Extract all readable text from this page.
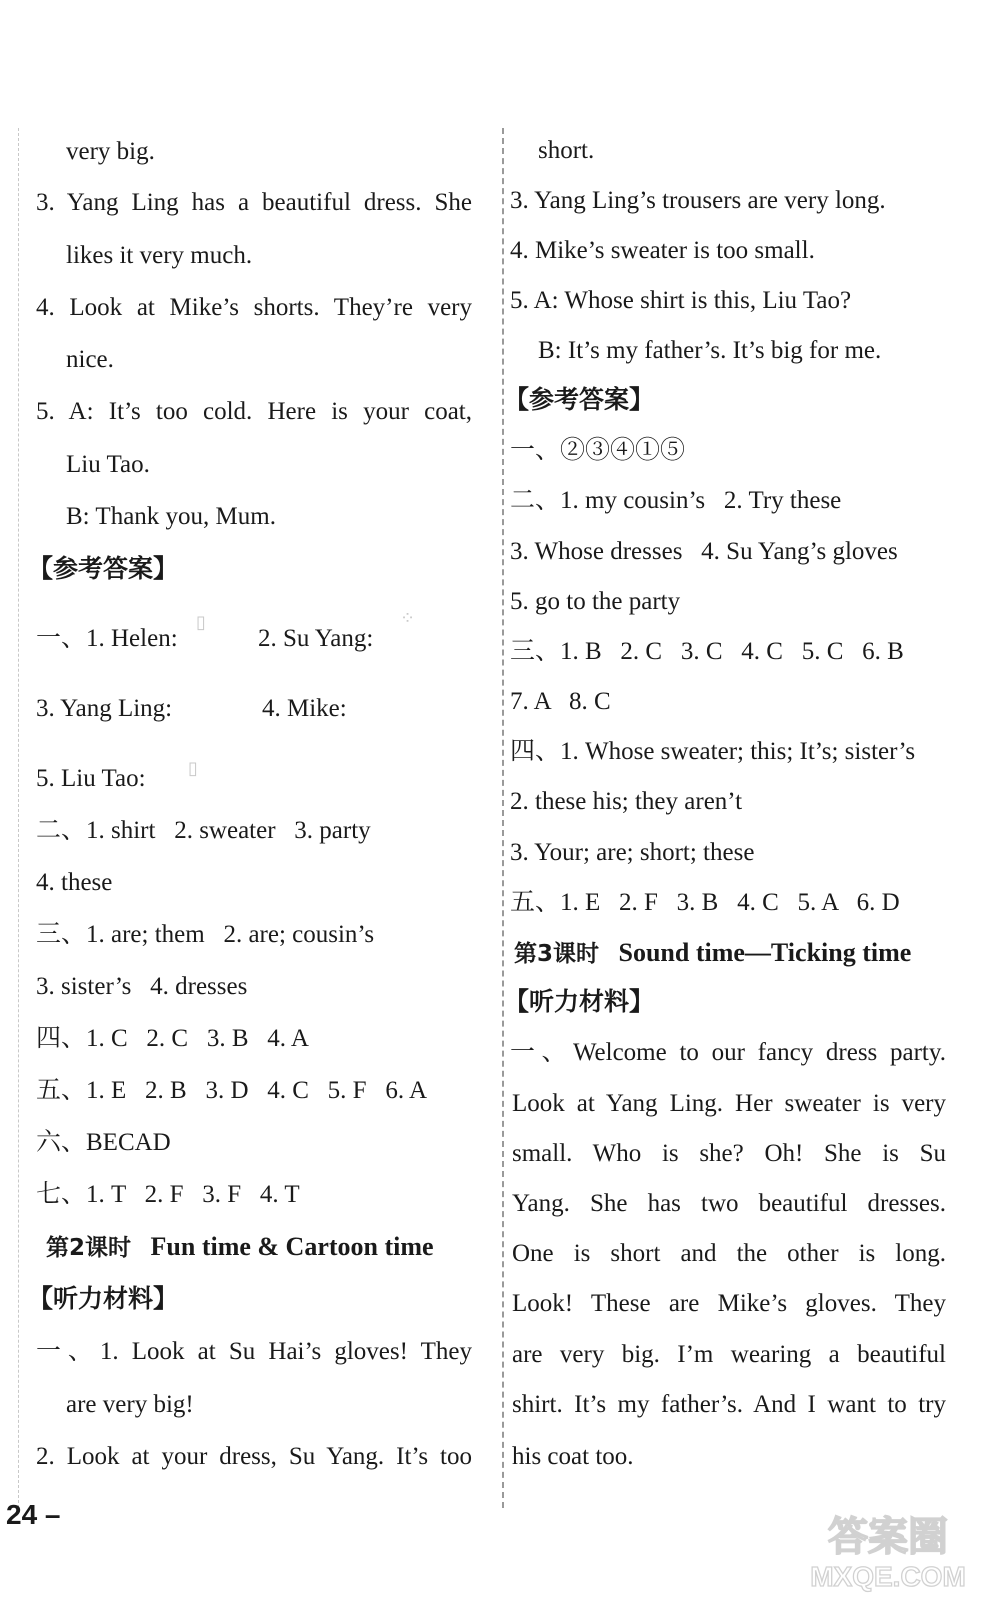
very big.
3. Yang Ling has a beautiful dress. She
likes it very much.
4. Look at Mike’s shorts. They’re very
nice.
5. A: It’s too cold. Here is your coat,
Liu Tao.
B: Thank you, Mum.
【参考答案】
一、1. Helen:	2. Su Yang:
3. Yang Ling:	4. Mike:
5. Liu Tao:
二、1. shirt   2. sweater   3. party
4. these
三、1. are; them   2. are; cousin’s
3. sister’s   4. dresses
四、1. C   2. C   3. B   4. A
五、1. E   2. B   3. D   4. C   5. F   6. A
六、BECAD
七、1. T   2. F   3. F   4. T
第2课时 Fun time & Cartoon time
【听力材料】
一、1. Look at Su Hai’s gloves! They
are very big!
2. Look at your dress, Su Yang. It’s too
short.
3. Yang Ling’s trousers are very long.
4. Mike’s sweater is too small.
5. A: Whose shirt is this, Liu Tao?
B: It’s my father’s. It’s big for me.
【参考答案】
一、②③④①⑤
二、1. my cousin’s   2. Try these
3. Whose dresses   4. Su Yang’s gloves
5. go to the party
三、1. B   2. C   3. C   4. C   5. C   6. B
7. A   8. C
四、1. Whose sweater; this; It’s; sister’s
2. these his; they aren’t
3. Your; are; short; these
五、1. E   2. F   3. B   4. C   5. A   6. D
第3课时 Sound time—Ticking time
【听力材料】
一、Welcome to our fancy dress party.
Look at Yang Ling. Her sweater is very
small. Who is she? Oh! She is Su
Yang. She has two beautiful dresses.
One is short and the other is long.
Look! These are Mike’s gloves. They
are very big. I’m wearing a beautiful
shirt. It’s my father’s. And I want to try
his coat too.
▯	⁘
▯
24 –	答案圈
MXQE.COM
